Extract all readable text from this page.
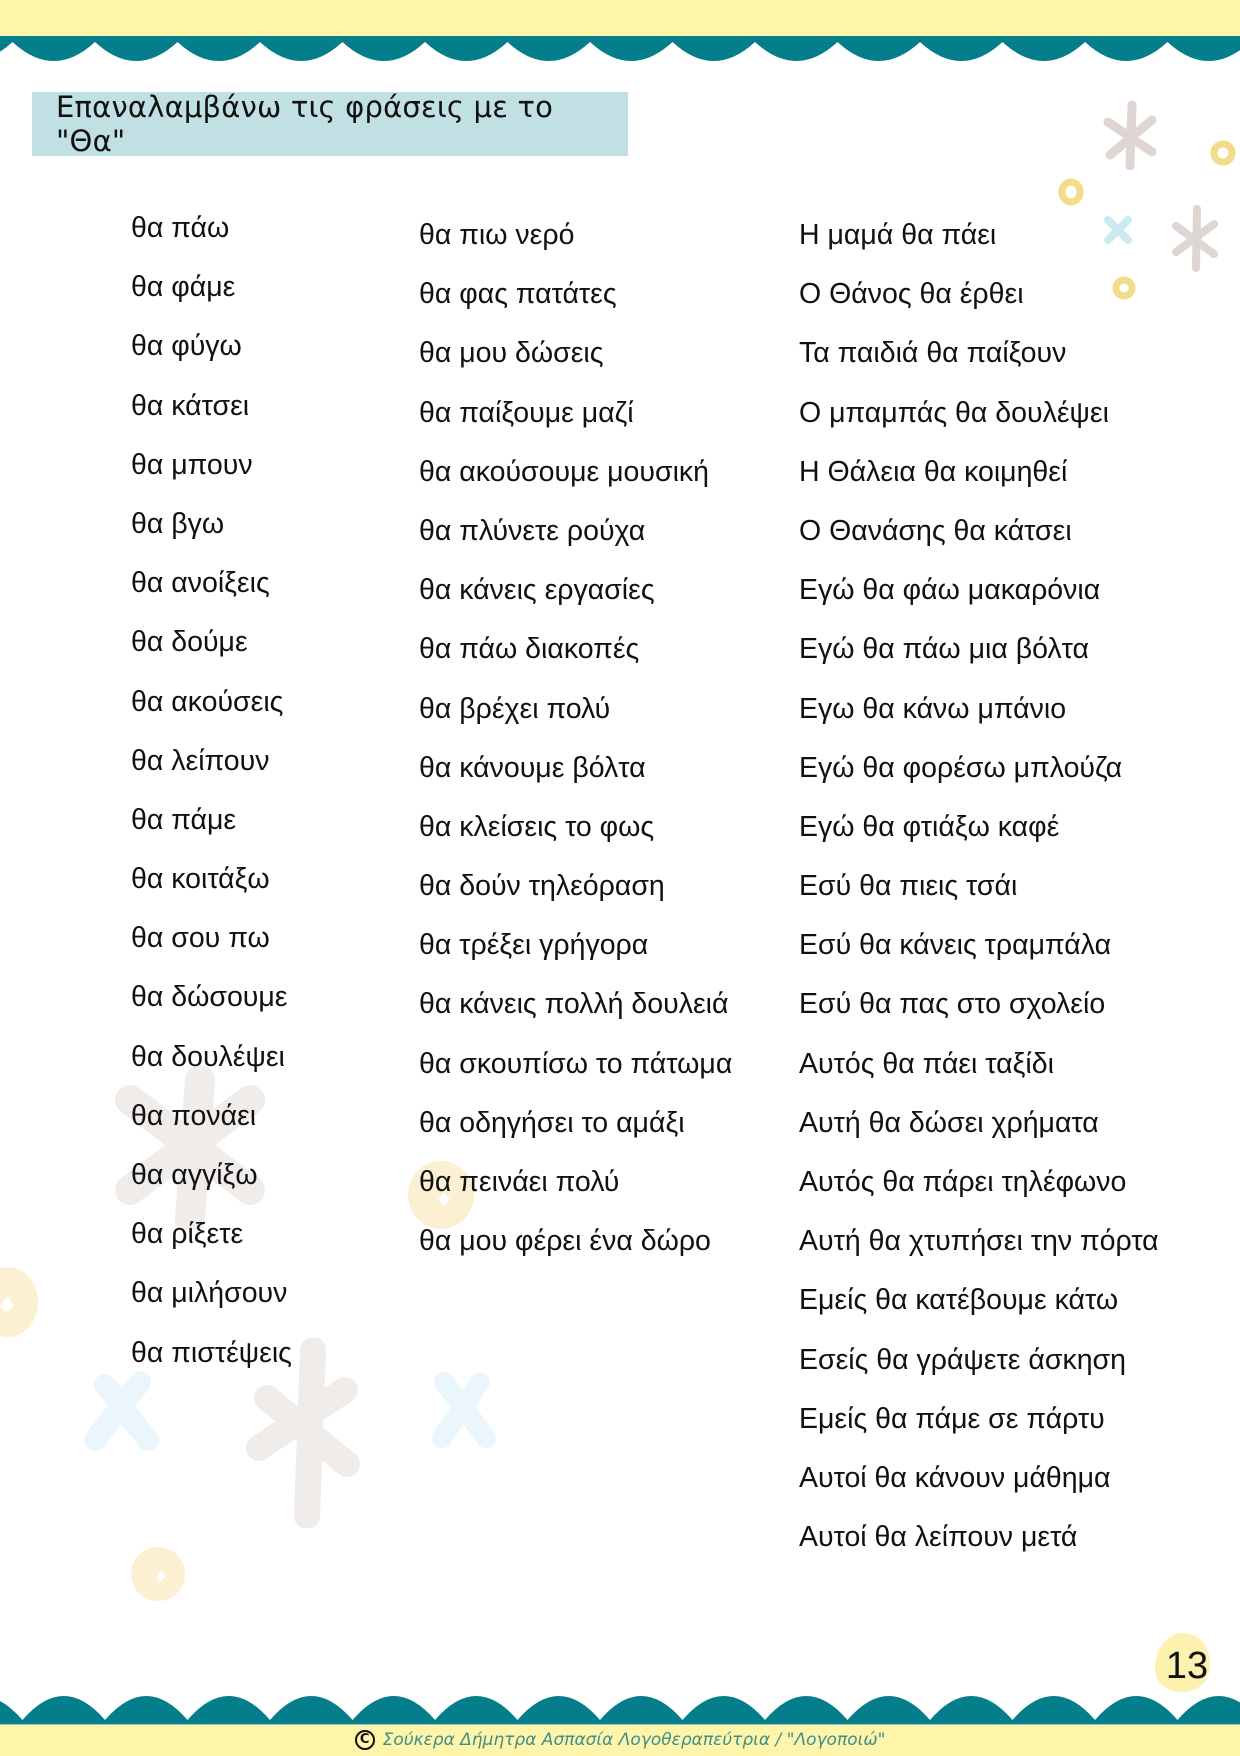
Επαναλαμβάνω τις φράσεις με το "Θα"
θα πάω
θα φάμε
θα φύγω
θα κάτσει
θα μπουν
θα βγω
θα ανοίξεις
θα δούμε
θα ακούσεις
θα λείπουν
θα πάμε
θα κοιτάξω
θα σου πω
θα δώσουμε
θα δουλέψει
θα πονάει
θα αγγίξω
θα ρίξετε
θα μιλήσουν
θα πιστέψεις
θα πιω νερό
θα φας πατάτες
θα μου δώσεις
θα παίξουμε μαζί
θα ακούσουμε μουσική
θα πλύνετε ρούχα
θα κάνεις εργασίες
θα πάω διακοπές
θα βρέχει πολύ
θα κάνουμε βόλτα
θα κλείσεις το φως
θα δούν τηλεόραση
θα τρέξει γρήγορα
θα κάνεις πολλή δουλειά
θα σκουπίσω το πάτωμα
θα οδηγήσει το αμάξι
θα πεινάει πολύ
θα μου φέρει ένα δώρο
Η μαμά θα πάει
Ο Θάνος θα έρθει
Τα παιδιά θα παίξουν
Ο μπαμπάς θα δουλέψει
Η Θάλεια θα κοιμηθεί
Ο Θανάσης θα κάτσει
Εγώ θα φάω μακαρόνια
Εγώ θα πάω μια βόλτα
Εγω θα κάνω μπάνιο
Εγώ θα φορέσω μπλούζα
Εγώ θα φτιάξω καφέ
Εσύ θα πιεις τσάι
Εσύ θα κάνεις τραμπάλα
Εσύ θα πας στο σχολείο
Αυτός θα πάει ταξίδι
Αυτή θα δώσει χρήματα
Αυτός θα πάρει τηλέφωνο
Αυτή θα χτυπήσει την πόρτα
Εμείς θα κατέβουμε κάτω
Εσείς θα γράψετε άσκηση
Εμείς θα πάμε σε πάρτυ
Αυτοί θα κάνουν μάθημα
Αυτοί θα λείπουν μετά
13
C Σούκερα Δήμητρα Ασπασία Λογοθεραπεύτρια / "Λογοποιώ"
